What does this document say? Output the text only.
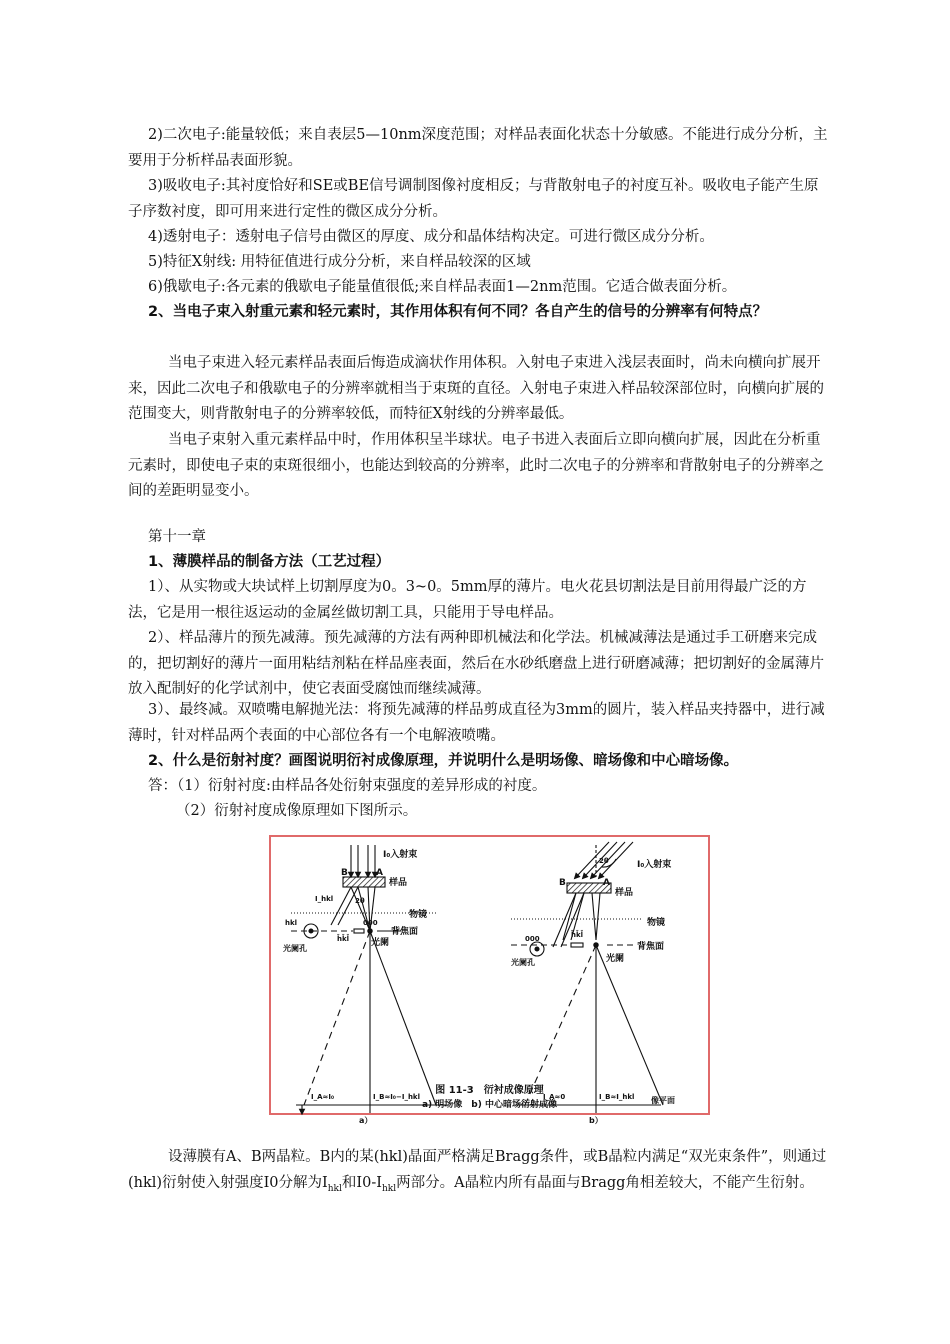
2)二次电子:能量较低；来自表层5—10nm深度范围；对样品表面化状态十分敏感。不能进行成分分析，主要用于分析样品表面形貌。

3)吸收电子:其衬度恰好和SE或BE信号调制图像衬度相反；与背散射电子的衬度互补。吸收电子能产生原子序数衬度，即可用来进行定性的微区成分分析。

4)透射电子：透射电子信号由微区的厚度、成分和晶体结构决定。可进行微区成分分析。

5)特征X射线: 用特征值进行成分分析，来自样品较深的区域

6)俄歇电子:各元素的俄歇电子能量值很低;来自样品表面1—2nm范围。它适合做表面分析。

2、当电子束入射重元素和轻元素时，其作用体积有何不同？各自产生的信号的分辨率有何特点？

当电子束进入轻元素样品表面后悔造成滴状作用体积。入射电子束进入浅层表面时，尚未向横向扩展开来，因此二次电子和俄歇电子的分辨率就相当于束斑的直径。入射电子束进入样品较深部位时，向横向扩展的范围变大，则背散射电子的分辨率较低，而特征X射线的分辨率最低。

当电子束射入重元素样品中时，作用体积呈半球状。电子书进入表面后立即向横向扩展，因此在分析重元素时，即使电子束的束斑很细小，也能达到较高的分辨率，此时二次电子的分辨率和背散射电子的分辨率之间的差距明显变小。

第十一章

1、薄膜样品的制备方法（工艺过程）

1）、从实物或大块试样上切割厚度为0。3~0。5mm厚的薄片。电火花县切割法是目前用得最广泛的方法，它是用一根往返运动的金属丝做切割工具，只能用于导电样品。

2）、样品薄片的预先减薄。预先减薄的方法有两种即机械法和化学法。机械减薄法是通过手工研磨来完成的，把切割好的薄片一面用粘结剂粘在样品座表面，然后在水砂纸磨盘上进行研磨减薄；把切割好的金属薄片放入配制好的化学试剂中，使它表面受腐蚀而继续减薄。

3）、最终减。双喷嘴电解抛光法：将预先减薄的样品剪成直径为3mm的圆片，装入样品夹持器中，进行减薄时，针对样品两个表面的中心部位各有一个电解液喷嘴。

2、什么是衍射衬度？画图说明衍衬成像原理，并说明什么是明场像、暗场像和中心暗场像。

答：（1）衍射衬度:由样品各处衍射束强度的差异形成的衬度。

（2）衍射衬度成像原理如下图所示。

I₀入射束
B	A
样品
2θ
I_hkl
物镜
背焦面
光阑
hkl
h̄k̄l̄
000
光阑孔
I_A≈I₀	I_B≈I₀−I_hkl
a）
I₀入射束
2θ
B	A
样品
物镜
背焦面
光阑
000	h̄k̄l̄
光阑孔
像平面
I_A≈0	I_B≈I_hkl
b）
图 11-3　衍衬成像原理
a) 明场像　b) 中心暗场衍射成像

设薄膜有A、B两晶粒。B内的某(hkl)晶面严格满足Bragg条件，或B晶粒内满足“双光束条件”，则通过(hkl)衍射使入射强度I0分解为$I_{hkl}$和$I0-I_{hkl}$两部分。A晶粒内所有晶面与Bragg角相差较大，不能产生衍射。
